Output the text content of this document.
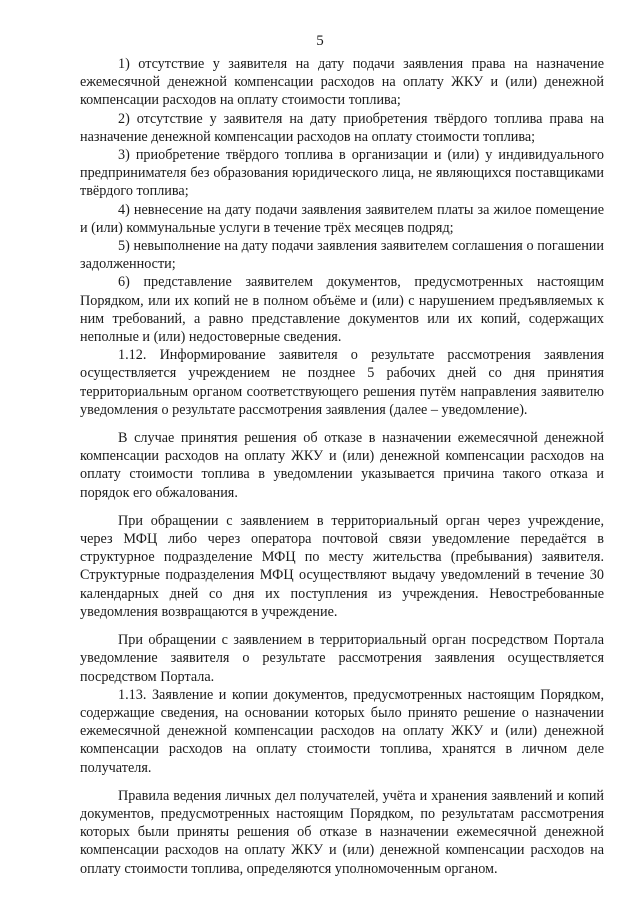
5

1) отсутствие у заявителя на дату подачи заявления права на назначение ежемесячной денежной компенсации расходов на оплату ЖКУ и (или) денежной компенсации расходов на оплату стоимости топлива;

2) отсутствие у заявителя на дату приобретения твёрдого топлива права на назначение денежной компенсации расходов на оплату стоимости топлива;

3) приобретение твёрдого топлива в организации и (или) у индивидуального предпринимателя без образования юридического лица, не являющихся поставщиками твёрдого топлива;

4) невнесение на дату подачи заявления заявителем платы за жилое помещение и (или) коммунальные услуги в течение трёх месяцев подряд;

5) невыполнение на дату подачи заявления заявителем соглашения о погашении задолженности;

6) представление заявителем документов, предусмотренных настоящим Порядком, или их копий не в полном объёме и (или) с нарушением предъявляемых к ним требований, а равно представление документов или их копий, содержащих неполные и (или) недостоверные сведения.

1.12. Информирование заявителя о результате рассмотрения заявления осуществляется учреждением не позднее 5 рабочих дней со дня принятия территориальным органом соответствующего решения путём направления заявителю уведомления о результате рассмотрения заявления (далее – уведомление).

В случае принятия решения об отказе в назначении ежемесячной денежной компенсации расходов на оплату ЖКУ и (или) денежной компенсации расходов на оплату стоимости топлива в уведомлении указывается причина такого отказа и порядок его обжалования.

При обращении с заявлением в территориальный орган через учреждение, через МФЦ либо через оператора почтовой связи уведомление передаётся в структурное подразделение МФЦ по месту жительства (пребывания) заявителя. Структурные подразделения МФЦ осуществляют выдачу уведомлений в течение 30 календарных дней со дня их поступления из учреждения. Невостребованные уведомления возвращаются в учреждение.

При обращении с заявлением в территориальный орган посредством Портала уведомление заявителя о результате рассмотрения заявления осуществляется посредством Портала.

1.13. Заявление и копии документов, предусмотренных настоящим Порядком, содержащие сведения, на основании которых было принято решение о назначении ежемесячной денежной компенсации расходов на оплату ЖКУ и (или) денежной компенсации расходов на оплату стоимости топлива, хранятся в личном деле получателя.

Правила ведения личных дел получателей, учёта и хранения заявлений и копий документов, предусмотренных настоящим Порядком, по результатам рассмотрения которых были приняты решения об отказе в назначении ежемесячной денежной компенсации расходов на оплату ЖКУ и (или) денежной компенсации расходов на оплату стоимости топлива, определяются уполномоченным органом.
